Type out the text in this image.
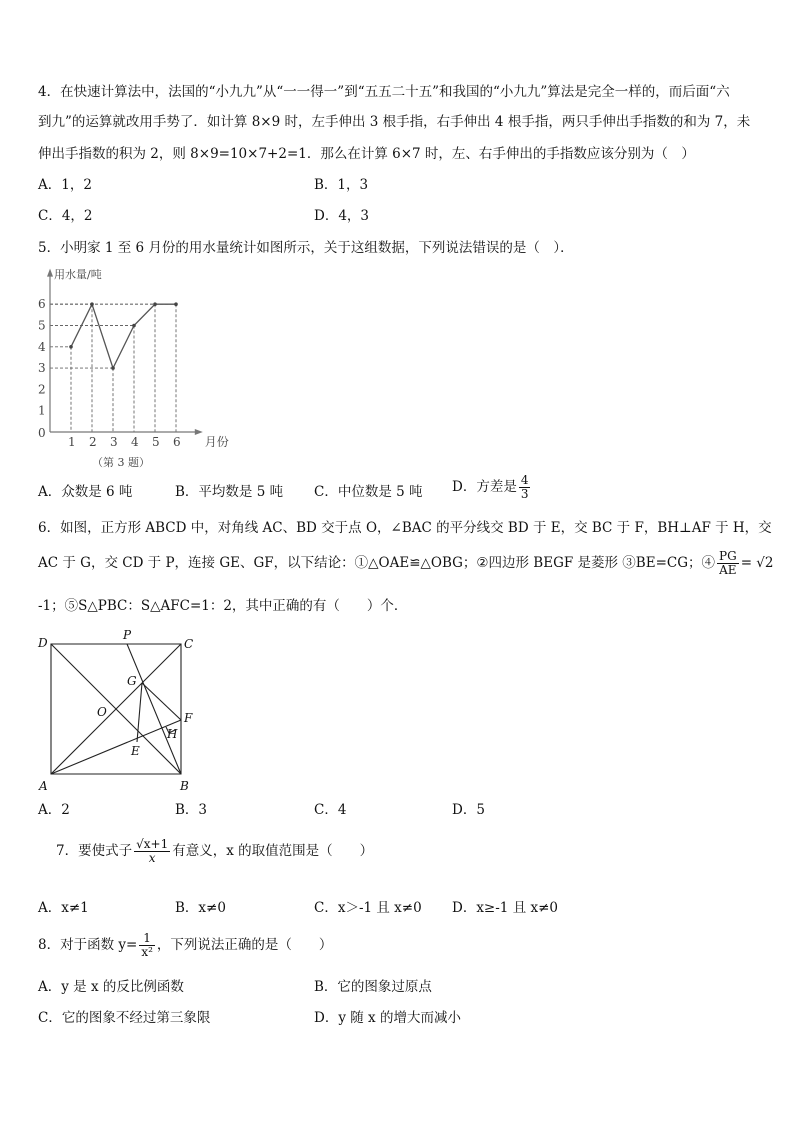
4．在快速计算法中，法国的“小九九”从“一一得一”到“五五二十五”和我国的“小九九”算法是完全一样的，而后面“六
到九”的运算就改用手势了．如计算 8×9 时，左手伸出 3 根手指，右手伸出 4 根手指，两只手伸出手指数的和为 7，未
伸出手指数的积为 2，则 8×9=10×7+2=1．那么在计算 6×7 时，左、右手伸出的手指数应该分别为（　）
A．1，2	B．1，3
C．4，2	D．4，3
5．小明家 1 至 6 月份的用水量统计如图所示，关于这组数据，下列说法错误的是（　）．
1 2 3 4 5 6
1
2
3
4
5
6
0
用水量/吨
月份
（第 3 题）
A．众数是 6 吨	B．平均数是 5 吨 C．中位数是 5 吨 D．方差是 $\frac{4}{3}$
6．如图，正方形 ABCD 中，对角线 AC、BD 交于点 O，∠BAC 的平分线交 BD 于 E，交 BC 于 F，BH⊥AF 于 H，交
AC 于 G，交 CD 于 P，连接 GE、GF，以下结论：①△OAE≌△OBG；②四边形 BEGF 是菱形 ③BE=CG；④ $\frac{PG}{AE} = √2$
-1；⑤S△PBC：S△AFC=1：2，其中正确的有（　　）个．
D	C
A	B
P
G
O
E
F
H
A．2	B．3	C．4	D．5
7．要使式子 $\frac{√x+1}{x}$ 有意义，x 的取值范围是（　　）
A．x≠1	B．x≠0	C．x＞-1 且 x≠0 D．x≥-1 且 x≠0
8．对于函数 $y= \frac{1}{\text{x²}}$ ，下列说法正确的是（　　）
A．y 是 x 的反比例函数	B．它的图象过原点
C．它的图象不经过第三象限	D．y 随 x 的增大而减小
